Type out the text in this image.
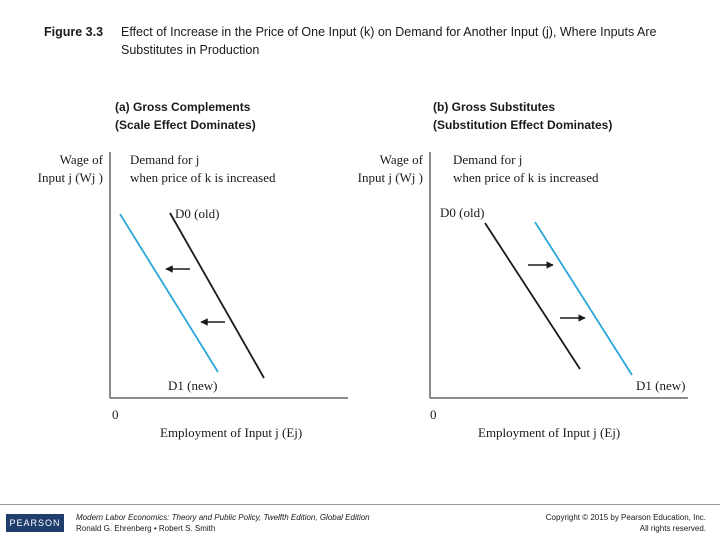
Figure 3.3 Effect of Increase in the Price of One Input (k) on Demand for Another Input (j), Where Inputs Are Substitutes in Production
(a) Gross Complements
(Scale Effect Dominates)
Wage of
Input j (Wj )
Demand for j
when price of k is increased
D0 (old)
D1 (new)
0
Employment of Input j (Ej)
(b) Gross Substitutes
(Substitution Effect Dominates)
Wage of
Input j (Wj )
Demand for j
when price of k is increased
D0 (old)
D1 (new)
0
Employment of Input j (Ej)
PEARSON
Modern Labor Economics: Theory and Public Policy, Twelfth Edition, Global Edition
Ronald G. Ehrenberg • Robert S. Smith
Copyright © 2015 by Pearson Education, Inc.
All rights reserved.
